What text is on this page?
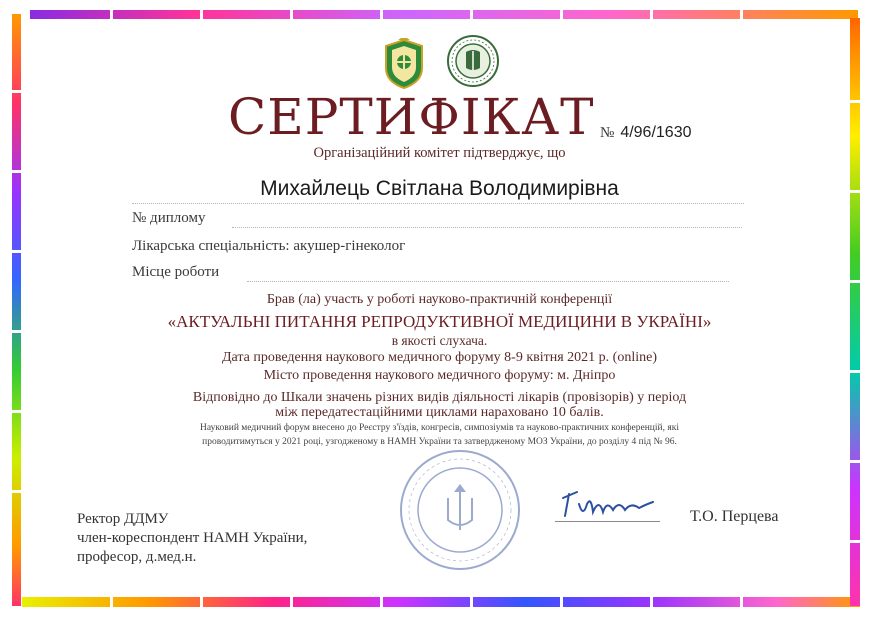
СЕРТИФІКАТ № 4/96/1630
Організаційний комітет підтверджує, що
Михайлець Світлана Володимирівна
№ диплому
Лікарська спеціальність: акушер-гінеколог
Місце роботи
Брав (ла) участь у роботі науково-практичній конференції
«АКТУАЛЬНІ ПИТАННЯ РЕПРОДУКТИВНОЇ МЕДИЦИНИ В УКРАЇНІ»
в якості слухача.
Дата проведення наукового медичного форуму 8-9 квітня 2021 р. (online)
Місто проведення наукового медичного форуму: м. Дніпро
Відповідно до Шкали значень різних видів діяльності лікарів (провізорів) у період
між передатестаційними циклами нараховано 10 балів.
Науковий медичний форум внесено до Реєстру з'їздів, конгресів, симпозіумів та науково-практичних конференцій, які
проводитимуться у 2021 році, узгодженому в НАМН України та затвердженому МОЗ України, до розділу 4 під № 96.
Ректор ДДМУ
член-кореспондент НАМН України,
професор, д.мед.н.
Т.О. Перцева
